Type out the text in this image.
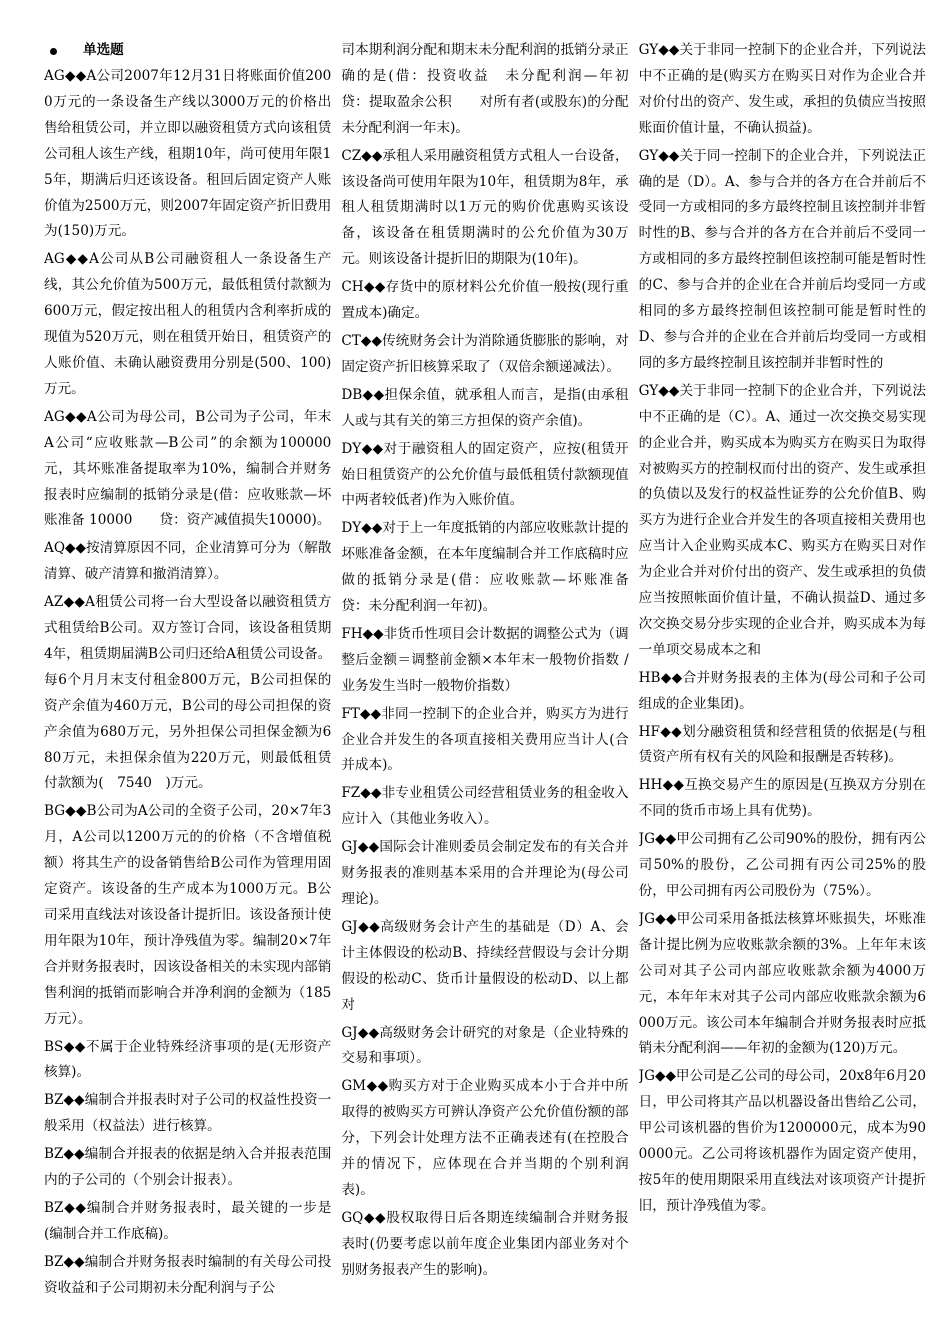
单选题
AG◆◆A公司2007年12月31日将账面价值2000万元的一条设备生产线以3000万元的价格出售给租赁公司，并立即以融资租赁方式向该租赁公司租人该生产线，租期10年，尚可使用年限15年，期满后归还该设备。租回后固定资产人账价值为2500万元，则2007年固定资产折旧费用为(150)万元。
AG◆◆A公司从B公司融资租人一条设备生产线，其公允价值为500万元，最低租赁付款额为600万元，假定按出租人的租赁内含利率折成的现值为520万元，则在租赁开始日，租赁资产的人账价值、未确认融资费用分别是(500、100)万元。
AG◆◆A公司为母公司，B公司为子公司，年末A公司“应收账款—B公司”的余额为100000元，其坏账准备提取率为10%，编制合并财务报表时应编制的抵销分录是(借：应收账款—坏账准备 10000　　贷：资产减值损失10000)。
AQ◆◆按清算原因不同，企业清算可分为（解散清算、破产清算和撤消清算）。
AZ◆◆A租赁公司将一台大型设备以融资租赁方式租赁给B公司。双方签订合同，该设备租赁期4年，租赁期届满B公司归还给A租赁公司设备。每6个月月末支付租金800万元，B公司担保的资产余值为460万元，B公司的母公司担保的资产余值为680万元，另外担保公司担保金额为680万元，未担保余值为220万元，则最低租赁付款额为(　7540　)万元。
BG◆◆B公司为A公司的全资子公司，20×7年3月，A公司以1200万元的的价格（不含增值税额）将其生产的设备销售给B公司作为管理用固定资产。该设备的生产成本为1000万元。B公司采用直线法对该设备计提折旧。该设备预计使用年限为10年，预计净残值为零。编制20×7年合并财务报表时，因该设备相关的未实现内部销售利润的抵销而影响合并净利润的金额为（185万元）。
BS◆◆不属于企业特殊经济事项的是(无形资产核算)。
BZ◆◆编制合并报表时对子公司的权益性投资一般采用（权益法）进行核算。
BZ◆◆编制合并报表的依据是纳入合并报表范围内的子公司的（个别会计报表）。
BZ◆◆编制合并财务报表时，最关键的一步是(编制合并工作底稿)。
BZ◆◆编制合并财务报表时编制的有关母公司投资收益和子公司期初未分配利润与子公
司本期利润分配和期末未分配利润的抵销分录正确的是(借：投资收益　未分配利润—年初　　贷：提取盈余公积　　对所有者(或股东)的分配　　未分配利润一年末)。
CZ◆◆承租人采用融资租赁方式租人一台设备，该设备尚可使用年限为10年，租赁期为8年，承租人租赁期满时以1万元的购价优惠购买该设备，该设备在租赁期满时的公允价值为30万元。则该设备计提折旧的期限为(10年)。
CH◆◆存货中的原材料公允价值一般按(现行重置成本)确定。
CT◆◆传统财务会计为消除通货膨胀的影响，对固定资产折旧核算采取了（双倍余额递减法）。
DB◆◆担保余值，就承租人而言，是指(由承租人或与其有关的第三方担保的资产余值)。
DY◆◆对于融资租人的固定资产，应按(租赁开始日租赁资产的公允价值与最低租赁付款额现值中两者较低者)作为入账价值。
DY◆◆对于上一年度抵销的内部应收账款计提的坏账准备金额，在本年度编制合并工作底稿时应做的抵销分录是(借：应收账款—坏账准备　　贷：未分配利润一年初)。
FH◆◆非货币性项目会计数据的调整公式为（调整后金额＝调整前金额×本年末一般物价指数 / 业务发生当时一般物价指数）
FT◆◆非同一控制下的企业合并，购买方为进行企业合并发生的各项直接相关费用应当计人(合并成本)。
FZ◆◆非专业租赁公司经营租赁业务的租金收入应计入（其他业务收入）。
GJ◆◆国际会计准则委员会制定发布的有关合并财务报表的准则基本采用的合并理论为(母公司理论)。
GJ◆◆高级财务会计产生的基础是（D）A、会计主体假设的松动B、持续经营假设与会计分期假设的松动C、货币计量假设的松动D、以上都对
GJ◆◆高级财务会计研究的对象是（企业特殊的交易和事项）。
GM◆◆购买方对于企业购买成本小于合并中所取得的被购买方可辨认净资产公允价值份额的部分，下列会计处理方法不正确表述有(在控股合并的情况下，应体现在合并当期的个别利润表)。
GQ◆◆股权取得日后各期连续编制合并财务报表时(仍要考虑以前年度企业集团内部业务对个别财务报表产生的影响)。
GY◆◆关于非同一控制下的企业合并，下列说法中不正确的是(购买方在购买日对作为企业合并对价付出的资产、发生或，承担的负债应当按照账面价值计量，不确认损益)。
GY◆◆关于同一控制下的企业合并，下列说法正确的是（D）。A、参与合并的各方在合并前后不受同一方或相同的多方最终控制且该控制并非暂时性的B、参与合并的各方在合并前后不受同一方或相同的多方最终控制但该控制可能是暂时性的C、参与合并的企业在合并前后均受同一方或相同的多方最终控制但该控制可能是暂时性的D、参与合并的企业在合并前后均受同一方或相同的多方最终控制且该控制并非暂时性的
GY◆◆关于非同一控制下的企业合并，下列说法中不正确的是（C）。A、通过一次交换交易实现的企业合并，购买成本为购买方在购买日为取得对被购买方的控制权而付出的资产、发生或承担的负债以及发行的权益性证券的公允价值B、购买方为进行企业合并发生的各项直接相关费用也应当计入企业购买成本C、购买方在购买日对作为企业合并对价付出的资产、发生或承担的负债应当按照帐面价值计量，不确认损益D、通过多次交换交易分步实现的企业合并，购买成本为每一单项交易成本之和
HB◆◆合并财务报表的主体为(母公司和子公司组成的企业集团)。
HF◆◆划分融资租赁和经营租赁的依据是(与租赁资产所有权有关的风险和报酬是否转移)。
HH◆◆互换交易产生的原因是(互换双方分别在不同的货币市场上具有优势)。
JG◆◆甲公司拥有乙公司90%的股份，拥有丙公司50%的股份，乙公司拥有丙公司25%的股份，甲公司拥有丙公司股份为（75%）。
JG◆◆甲公司采用备抵法核算坏账损失，坏账准备计提比例为应收账款余额的3%。上年年末该公司对其子公司内部应收账款余额为4000万元，本年年末对其子公司内部应收账款余额为6000万元。该公司本年编制合并财务报表时应抵销未分配利润——年初的金额为(120)万元。
JG◆◆甲公司是乙公司的母公司，20x8年6月20日，甲公司将其产品以机器设备出售给乙公司，甲公司该机器的售价为1200000元，成本为900000元。乙公司将该机器作为固定资产使用，按5年的使用期限采用直线法对该项资产计提折旧，预计净残值为零。
